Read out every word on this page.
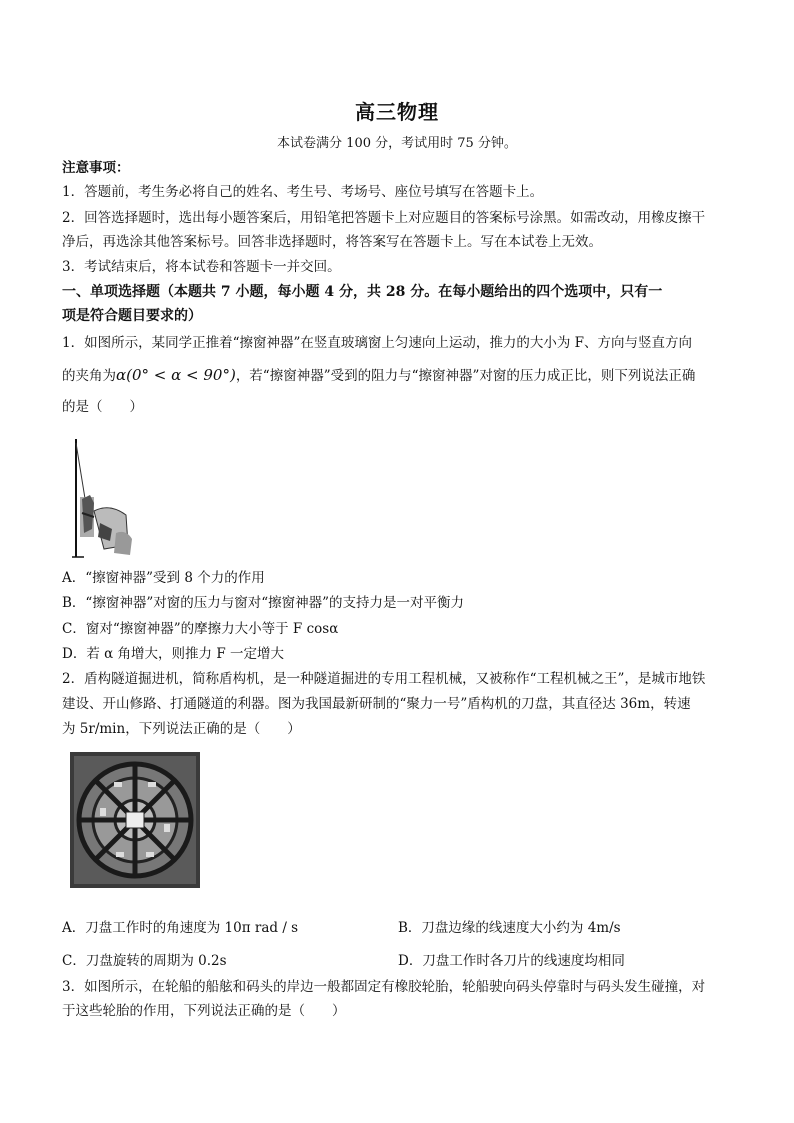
高三物理
本试卷满分 100 分，考试用时 75 分钟。
注意事项：
1．答题前，考生务必将自己的姓名、考生号、考场号、座位号填写在答题卡上。
2．回答选择题时，选出每小题答案后，用铅笔把答题卡上对应题目的答案标号涂黑。如需改动，用橡皮擦干
净后，再选涂其他答案标号。回答非选择题时，将答案写在答题卡上。写在本试卷上无效。
3．考试结束后，将本试卷和答题卡一并交回。
一、单项选择题（本题共 7 小题，每小题 4 分，共 28 分。在每小题给出的四个选项中，只有一
项是符合题目要求的）
1．如图所示，某同学正推着“擦窗神器”在竖直玻璃窗上匀速向上运动，推力的大小为 F、方向与竖直方向
的夹角为α(0° < α < 90°)，若“擦窗神器”受到的阻力与“擦窗神器”对窗的压力成正比，则下列说法正确
的是（　　）
A．“擦窗神器”受到 8 个力的作用
B．“擦窗神器”对窗的压力与窗对“擦窗神器”的支持力是一对平衡力
C．窗对“擦窗神器”的摩擦力大小等于 F cosα
D．若 α 角增大，则推力 F 一定增大
2．盾构隧道掘进机，简称盾构机，是一种隧道掘进的专用工程机械，又被称作“工程机械之王”，是城市地铁
建设、开山修路、打通隧道的利器。图为我国最新研制的“聚力一号”盾构机的刀盘，其直径达 36m，转速
为 5r/min，下列说法正确的是（　　）
A．刀盘工作时的角速度为 10π rad / s	B．刀盘边缘的线速度大小约为 4m/s
C．刀盘旋转的周期为 0.2s	D．刀盘工作时各刀片的线速度均相同
3．如图所示，在轮船的船舷和码头的岸边一般都固定有橡胶轮胎，轮船驶向码头停靠时与码头发生碰撞，对
于这些轮胎的作用，下列说法正确的是（　　）
